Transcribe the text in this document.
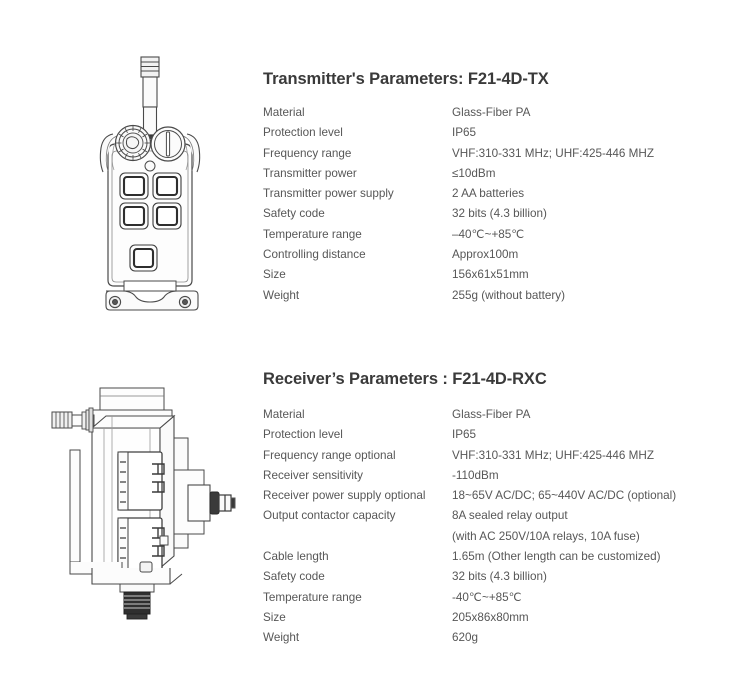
Transmitter's Parameters: F21-4D-TX
Material	Glass-Fiber PA
Protection level	IP65
Frequency range	VHF:310-331 MHz; UHF:425-446 MHZ
Transmitter power	≤10dBm
Transmitter power supply	2 AA batteries
Safety code	32 bits (4.3 billion)
Temperature range	–40℃~+85℃
Controlling distance	Approx100m
Size	156x61x51mm
Weight	255g (without battery)
Receiver’s Parameters : F21-4D-RXC
Material	Glass-Fiber PA
Protection level	IP65
Frequency range optional	VHF:310-331 MHz; UHF:425-446 MHZ
Receiver sensitivity	-110dBm
Receiver power supply optional	18~65V AC/DC; 65~440V AC/DC (optional)
Output contactor capacity	8A sealed relay output
	(with AC 250V/10A relays, 10A fuse)
Cable length	1.65m (Other length can be customized)
Safety code	32 bits (4.3 billion)
Temperature range	-40℃~+85℃
Size	205x86x80mm
Weight	620g
